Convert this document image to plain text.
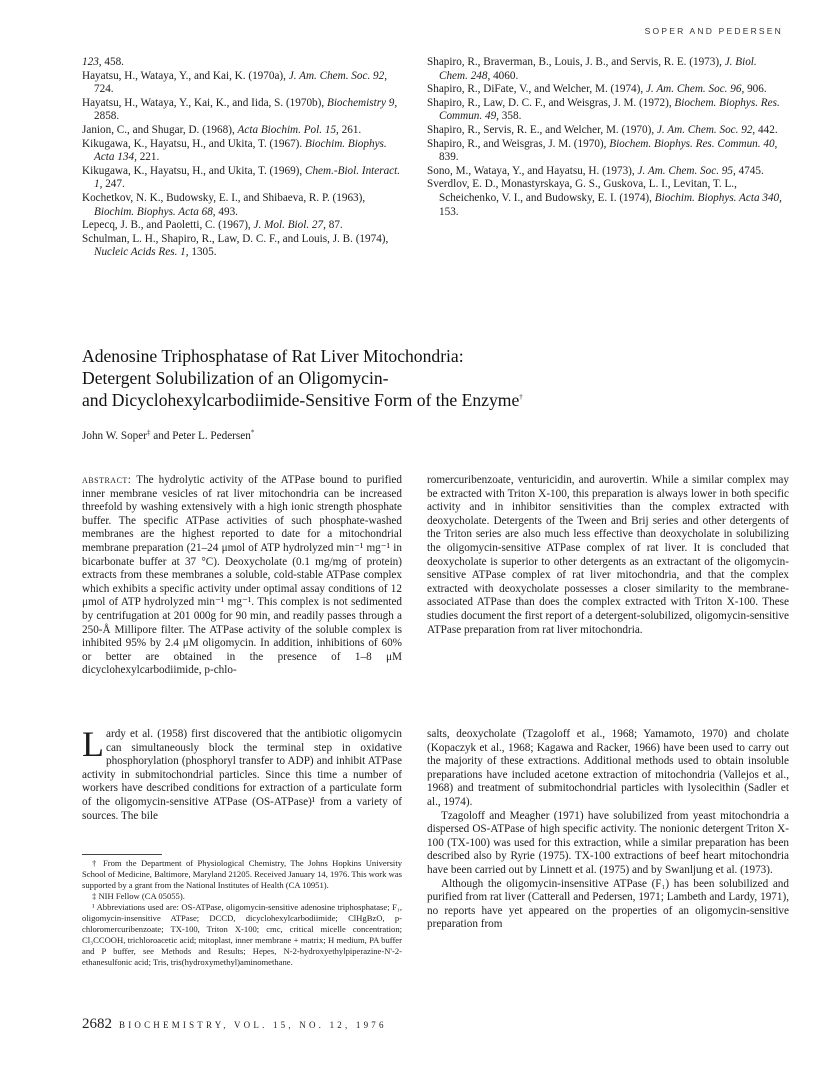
SOPER AND PEDERSEN

123, 458.

Hayatsu, H., Wataya, Y., and Kai, K. (1970a), J. Am. Chem. Soc. 92, 724.

Hayatsu, H., Wataya, Y., Kai, K., and Iida, S. (1970b), Biochemistry 9, 2858.

Janion, C., and Shugar, D. (1968), Acta Biochim. Pol. 15, 261.

Kikugawa, K., Hayatsu, H., and Ukita, T. (1967). Biochim. Biophys. Acta 134, 221.

Kikugawa, K., Hayatsu, H., and Ukita, T. (1969), Chem.-Biol. Interact. 1, 247.

Kochetkov, N. K., Budowsky, E. I., and Shibaeva, R. P. (1963), Biochim. Biophys. Acta 68, 493.

Lepecq, J. B., and Paoletti, C. (1967), J. Mol. Biol. 27, 87.

Schulman, L. H., Shapiro, R., Law, D. C. F., and Louis, J. B. (1974), Nucleic Acids Res. 1, 1305.

Shapiro, R., Braverman, B., Louis, J. B., and Servis, R. E. (1973), J. Biol. Chem. 248, 4060.

Shapiro, R., DiFate, V., and Welcher, M. (1974), J. Am. Chem. Soc. 96, 906.

Shapiro, R., Law, D. C. F., and Weisgras, J. M. (1972), Biochem. Biophys. Res. Commun. 49, 358.

Shapiro, R., Servis, R. E., and Welcher, M. (1970), J. Am. Chem. Soc. 92, 442.

Shapiro, R., and Weisgras, J. M. (1970), Biochem. Biophys. Res. Commun. 40, 839.

Sono, M., Wataya, Y., and Hayatsu, H. (1973), J. Am. Chem. Soc. 95, 4745.

Sverdlov, E. D., Monastyrskaya, G. S., Guskova, L. I., Levitan, T. L., Scheichenko, V. I., and Budowsky, E. I. (1974), Biochim. Biophys. Acta 340, 153.

Adenosine Triphosphatase of Rat Liver Mitochondria:

Detergent Solubilization of an Oligomycin-

and Dicyclohexylcarbodiimide-Sensitive Form of the Enzyme†

John W. Soper‡ and Peter L. Pedersen*

abstract: The hydrolytic activity of the ATPase bound to purified inner membrane vesicles of rat liver mitochondria can be increased threefold by washing extensively with a high ionic strength phosphate buffer. The specific ATPase activities of such phosphate-washed membranes are the highest reported to date for a mitochondrial membrane preparation (21–24 μmol of ATP hydrolyzed min⁻¹ mg⁻¹ in bicarbonate buffer at 37 °C). Deoxycholate (0.1 mg/mg of protein) extracts from these membranes a soluble, cold-stable ATPase complex which exhibits a specific activity under optimal assay conditions of 12 μmol of ATP hydrolyzed min⁻¹ mg⁻¹. This complex is not sedimented by centrifugation at 201 000g for 90 min, and readily passes through a 250-Å Millipore filter. The ATPase activity of the soluble complex is inhibited 95% by 2.4 μM oligomycin. In addition, inhibitions of 60% or better are obtained in the presence of 1–8 μM dicyclohexylcarbodiimide, p-chlo-

romercuribenzoate, venturicidin, and aurovertin. While a similar complex may be extracted with Triton X-100, this preparation is always lower in both specific activity and in inhibitor sensitivities than the complex extracted with deoxycholate. Detergents of the Tween and Brij series and other detergents of the Triton series are also much less effective than deoxycholate in solubilizing the oligomycin-sensitive ATPase complex of rat liver. It is concluded that deoxycholate is superior to other detergents as an extractant of the oligomycin-sensitive ATPase complex of rat liver mitochondria, and that the complex extracted with deoxycholate possesses a closer similarity to the membrane-associated ATPase than does the complex extracted with Triton X-100. These studies document the first report of a detergent-solubilized, oligomycin-sensitive ATPase preparation from rat liver mitochondria.

Lardy et al. (1958) first discovered that the antibiotic oligomycin can simultaneously block the terminal step in oxidative phosphorylation (phosphoryl transfer to ADP) and inhibit ATPase activity in submitochondrial particles. Since this time a number of workers have described conditions for extraction of a particulate form of the oligomycin-sensitive ATPase (OS-ATPase)¹ from a variety of sources. The bile

salts, deoxycholate (Tzagoloff et al., 1968; Yamamoto, 1970) and cholate (Kopaczyk et al., 1968; Kagawa and Racker, 1966) have been used to carry out the majority of these extractions. Additional methods used to obtain insoluble preparations have included acetone extraction of mitochondria (Vallejos et al., 1968) and treatment of submitochondrial particles with lysolecithin (Sadler et al., 1974).

Tzagoloff and Meagher (1971) have solubilized from yeast mitochondria a dispersed OS-ATPase of high specific activity. The nonionic detergent Triton X-100 (TX-100) was used for this extraction, while a similar preparation has been described also by Ryrie (1975). TX-100 extractions of beef heart mitochondria have been carried out by Linnett et al. (1975) and by Swanljung et al. (1973).

Although the oligomycin-insensitive ATPase (F₁) has been solubilized and purified from rat liver (Catterall and Pedersen, 1971; Lambeth and Lardy, 1971), no reports have yet appeared on the properties of an oligomycin-sensitive preparation from

† From the Department of Physiological Chemistry, The Johns Hopkins University School of Medicine, Baltimore, Maryland 21205. Received January 14, 1976. This work was supported by a grant from the National Institutes of Health (CA 10951).

‡ NIH Fellow (CA 05055).

¹ Abbreviations used are: OS-ATPase, oligomycin-sensitive adenosine triphosphatase; F₁, oligomycin-insensitive ATPase; DCCD, dicyclohexylcarbodiimide; ClHgBzO, p-chloromercuribenzoate; TX-100, Triton X-100; cmc, critical micelle concentration; Cl₃CCOOH, trichloroacetic acid; mitoplast, inner membrane + matrix; H medium, PA buffer and P buffer, see Methods and Results; Hepes, N-2-hydroxyethylpiperazine-N'-2-ethanesulfonic acid; Tris, tris(hydroxymethyl)aminomethane.

2682 BIOCHEMISTRY, VOL. 15, NO. 12, 1976
